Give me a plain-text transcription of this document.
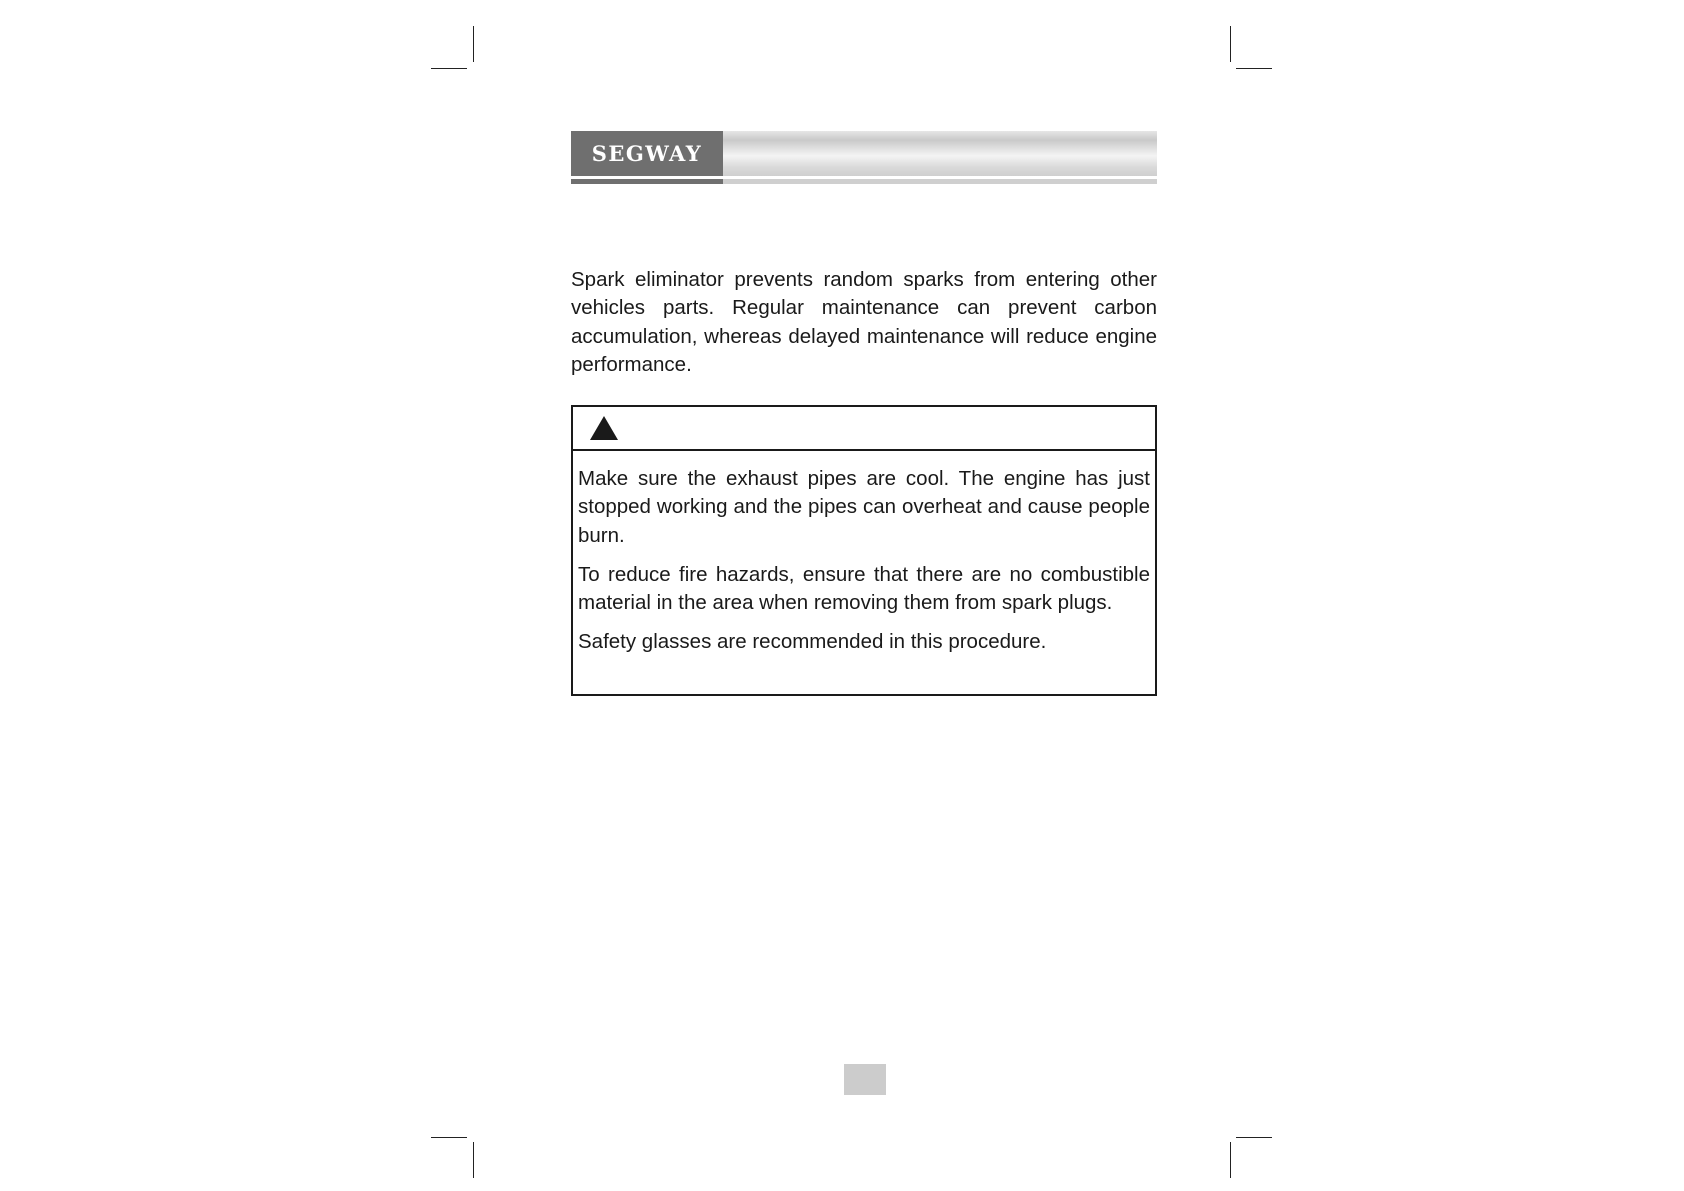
SEGWAY

Spark eliminator prevents random sparks from entering other vehicles parts. Regular maintenance can prevent carbon accumulation, whereas delayed maintenance will reduce engine performance.

Make sure the exhaust pipes are cool. The engine has just stopped working and the pipes can overheat and cause people burn.

To reduce fire hazards, ensure that there are no combustible material in the area when removing them from spark plugs.

Safety glasses are recommended in this procedure.
